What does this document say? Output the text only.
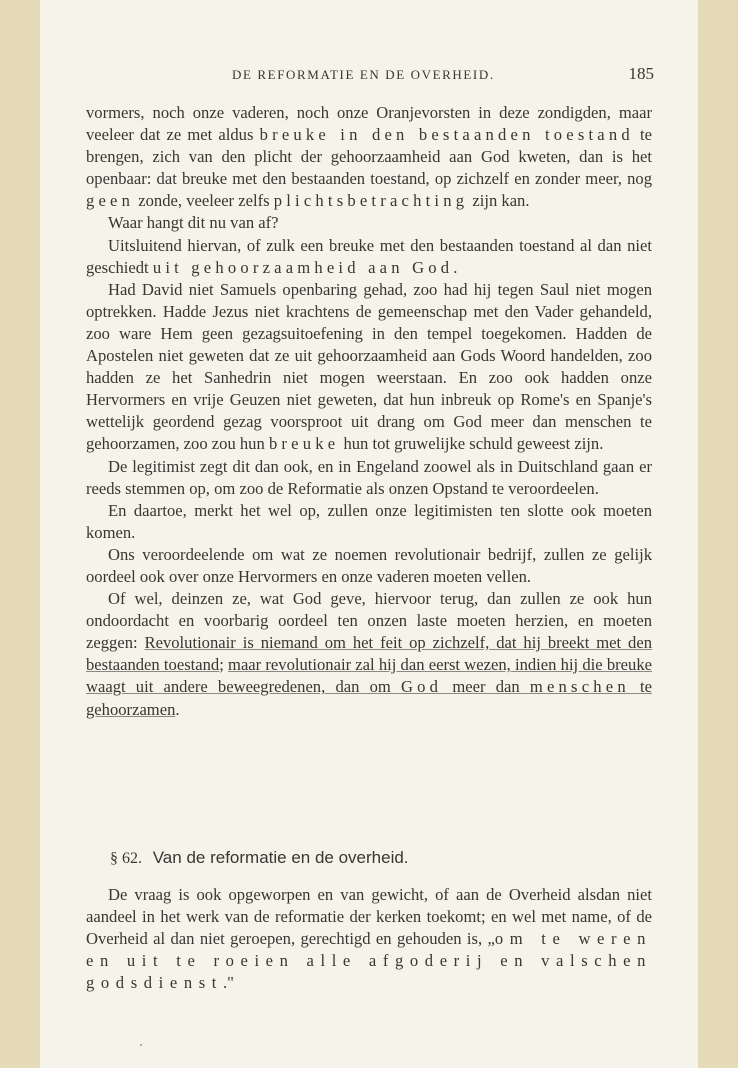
DE REFORMATIE EN DE OVERHEID.	185

vormers, noch onze vaderen, noch onze Oranjevorsten in deze zondigden, maar veeleer dat ze met aldus breuke in den bestaanden toestand te brengen, zich van den plicht der gehoorzaamheid aan God kweten, dan is het openbaar: dat breuke met den bestaanden toestand, op zichzelf en zonder meer, nog geen zonde, veeleer zelfs plichtsbetrachting zijn kan.

Waar hangt dit nu van af?

Uitsluitend hiervan, of zulk een breuke met den bestaanden toestand al dan niet geschiedt uit gehoorzaamheid aan God.

Had David niet Samuels openbaring gehad, zoo had hij tegen Saul niet mogen optrekken. Hadde Jezus niet krachtens de gemeenschap met den Vader gehandeld, zoo ware Hem geen gezagsuitoefening in den tempel toegekomen. Hadden de Apostelen niet geweten dat ze uit gehoorzaamheid aan Gods Woord handelden, zoo hadden ze het Sanhedrin niet mogen weerstaan. En zoo ook hadden onze Hervormers en vrije Geuzen niet geweten, dat hun inbreuk op Rome's en Spanje's wettelijk geordend gezag voorsproot uit drang om God meer dan menschen te gehoorzamen, zoo zou hun breuke hun tot gruwelijke schuld geweest zijn.

De legitimist zegt dit dan ook, en in Engeland zoowel als in Duitschland gaan er reeds stemmen op, om zoo de Reformatie als onzen Opstand te veroordeelen.

En daartoe, merkt het wel op, zullen onze legitimisten ten slotte ook moeten komen.

Ons veroordeelende om wat ze noemen revolutionair bedrijf, zullen ze gelijk oordeel ook over onze Hervormers en onze vaderen moeten vellen.

Of wel, deinzen ze, wat God geve, hiervoor terug, dan zullen ze ook hun ondoordacht en voorbarig oordeel ten onzen laste moeten herzien, en moeten zeggen: Revolutionair is niemand om het feit op zichzelf, dat hij breekt met den bestaanden toestand; maar revolutionair zal hij dan eerst wezen, indien hij die breuke waagt uit andere beweegredenen, dan om God meer dan menschen te gehoorzamen.

§ 62. Van de reformatie en de overheid.

De vraag is ook opgeworpen en van gewicht, of aan de Overheid alsdan niet aandeel in het werk van de reformatie der kerken toekomt; en wel met name, of de Overheid al dan niet geroepen, gerechtigd en gehouden is, „om te weren en uit te roeien alle afgoderij en valschen godsdienst."
